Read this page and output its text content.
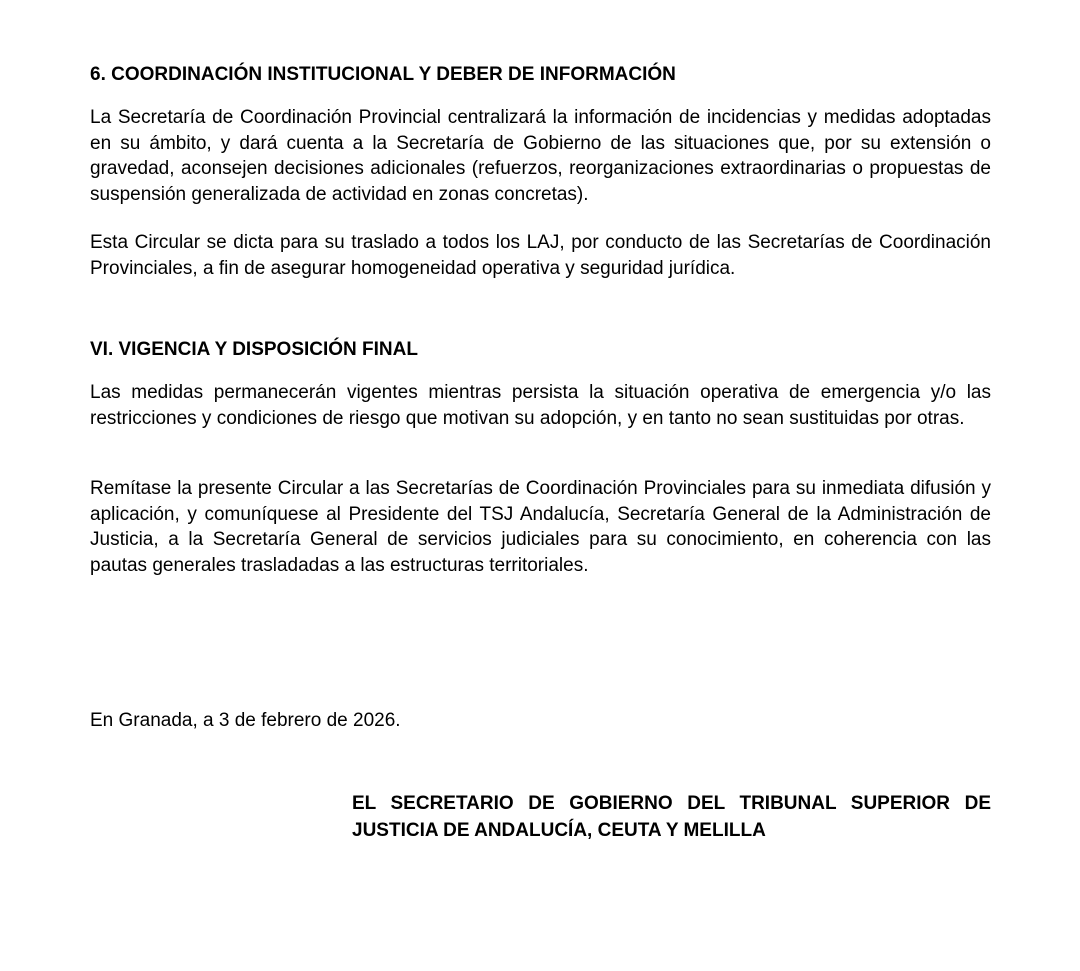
6. COORDINACIÓN INSTITUCIONAL Y DEBER DE INFORMACIÓN

La Secretaría de Coordinación Provincial centralizará la información de incidencias y medidas adoptadas en su ámbito, y dará cuenta a la Secretaría de Gobierno de las situaciones que, por su extensión o gravedad, aconsejen decisiones adicionales (refuerzos, reorganizaciones extraordinarias o propuestas de suspensión generalizada de actividad en zonas concretas).

Esta Circular se dicta para su traslado a todos los LAJ, por conducto de las Secretarías de Coordinación Provinciales, a fin de asegurar homogeneidad operativa y seguridad jurídica.

VI. VIGENCIA Y DISPOSICIÓN FINAL

Las medidas permanecerán vigentes mientras persista la situación operativa de emergencia y/o las restricciones y condiciones de riesgo que motivan su adopción, y en tanto no sean sustituidas por otras.

Remítase la presente Circular a las Secretarías de Coordinación Provinciales para su inmediata difusión y aplicación, y comuníquese al Presidente del TSJ Andalucía, Secretaría General de la Administración de Justicia, a la Secretaría General de servicios judiciales para su conocimiento, en coherencia con las pautas generales trasladadas a las estructuras territoriales.

En Granada, a 3 de febrero de 2026.

EL SECRETARIO DE GOBIERNO DEL TRIBUNAL SUPERIOR DE JUSTICIA DE ANDALUCÍA, CEUTA Y MELILLA
